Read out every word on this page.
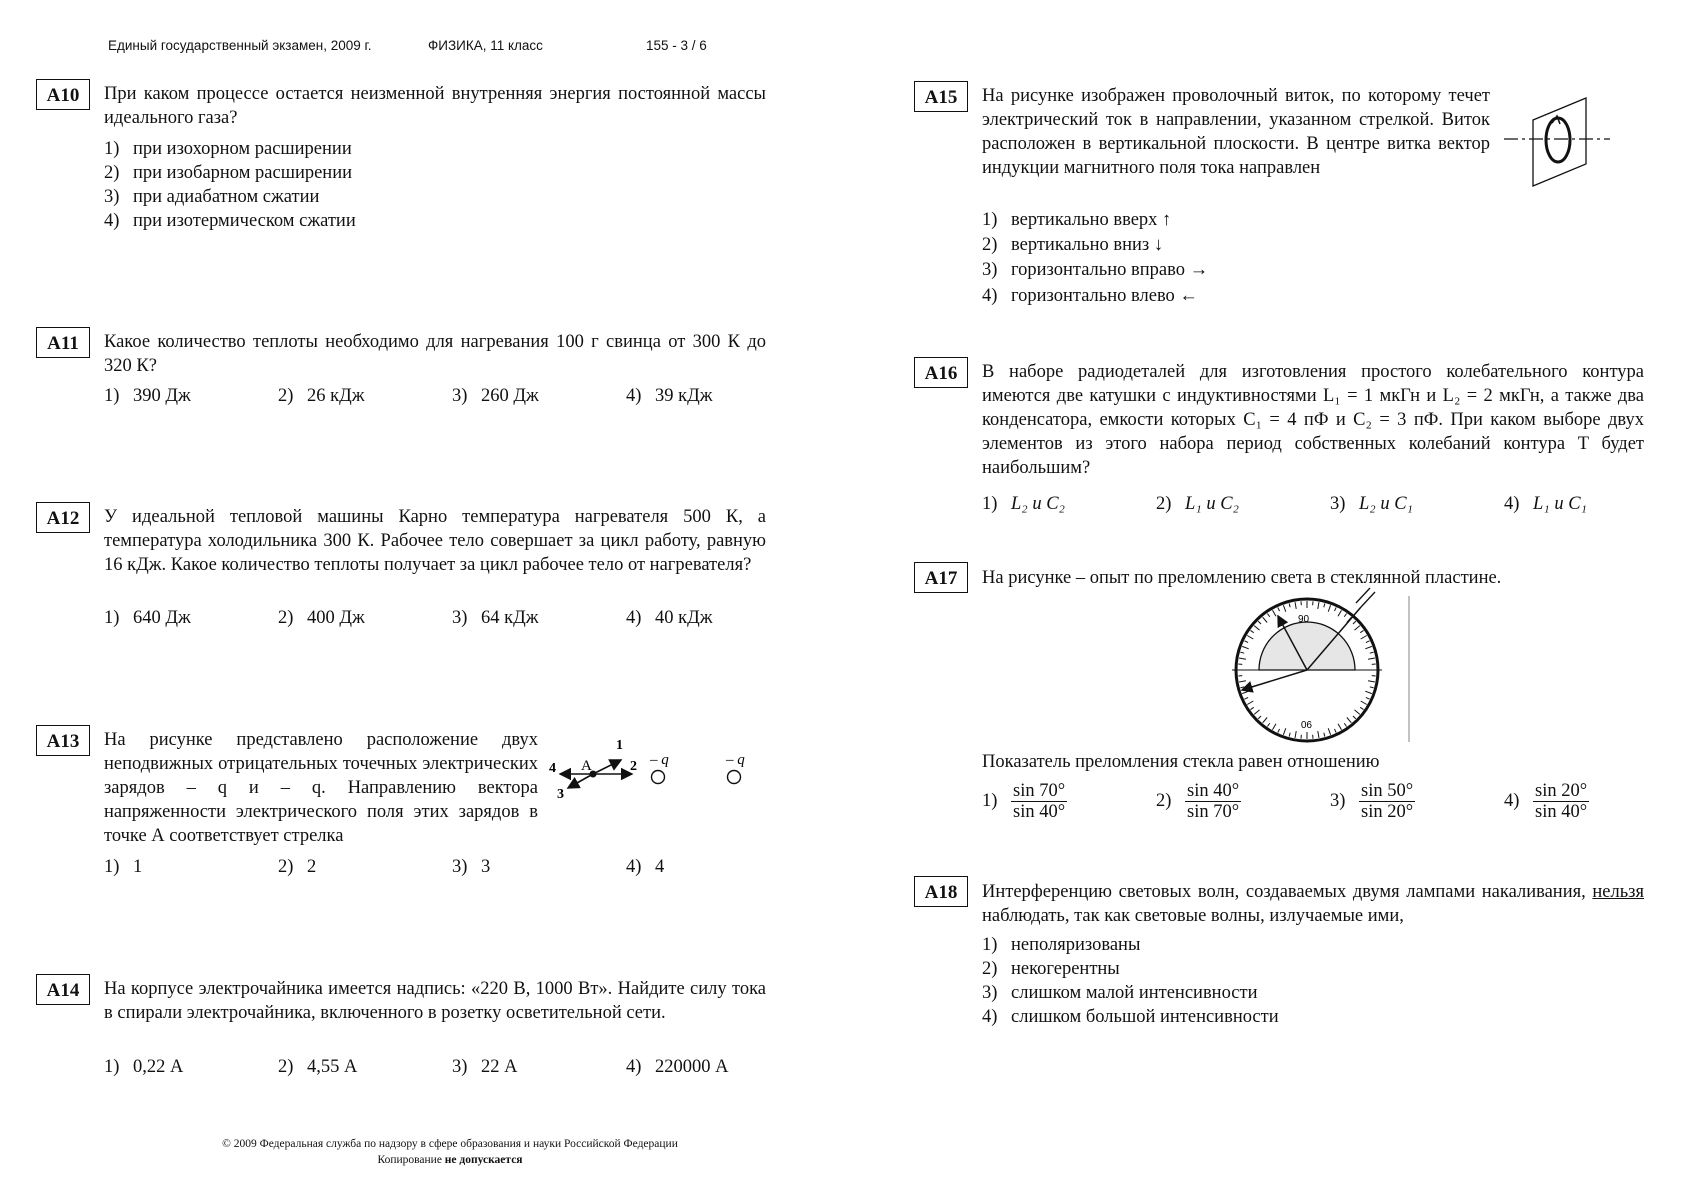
Единый государственный экзамен, 2009 г.	ФИЗИКА, 11 класс	155 - 3 / 6
A10	При каком процессе остается неизменной внутренняя энергия постоянной массы идеального газа?
1) при изохорном расширении
2) при изобарном расширении
3) при адиабатном сжатии
4) при изотермическом сжатии
A11	Какое количество теплоты необходимо для нагревания 100 г свинца от 300 К до 320 К?
1) 390 Дж	2) 26 кДж	3) 260 Дж	4) 39 кДж
A12	У идеальной тепловой машины Карно температура нагревателя 500 К, а температура холодильника 300 К. Рабочее тело совершает за цикл работу, равную 16 кДж. Какое количество теплоты получает за цикл рабочее тело от нагревателя?
1) 640 Дж	2) 400 Дж	3) 64 кДж	4) 40 кДж
A13	На рисунке представлено расположение двух неподвижных отрицательных точечных электрических зарядов – q и – q. Направлению вектора напряженности электрического поля этих зарядов в точке А соответствует стрелка
A
1
2
3
4
– q	– q
1) 1	2) 2	3) 3	4) 4
A14	На корпусе электрочайника имеется надпись: «220 В, 1000 Вт». Найдите силу тока в спирали электрочайника, включенного в розетку осветительной сети.
1) 0,22 А	2) 4,55 А	3) 22 А	4) 220000 А
A15	На рисунке изображен проволочный виток, по которому течет электрический ток в направлении, указанном стрелкой. Виток расположен в вертикальной плоскости. В центре витка вектор индукции магнитного поля тока направлен
1) вертикально вверх ↑
2) вертикально вниз ↓
3) горизонтально вправо →
4) горизонтально влево ←
A16	В наборе радиодеталей для изготовления простого колебательного контура имеются две катушки с индуктивностями L₁ = 1 мкГн и L₂ = 2 мкГн, а также два конденсатора, емкости которых C₁ = 4 пФ и C₂ = 3 пФ. При каком выборе двух элементов из этого набора период собственных колебаний контура T будет наибольшим?
1) L₂ и C₂	2) L₁ и C₂	3) L₂ и C₁	4) L₁ и C₁
A17	На рисунке – опыт по преломлению света в стеклянной пластине.
90
90
Показатель преломления стекла равен отношению
$1) \frac{\sin 70^\circ}{\sin 40^\circ}$	$2) \frac{\sin 40^\circ}{\sin 70^\circ}$	$3) \frac{\sin 50^\circ}{\sin 20^\circ}$	$4) \frac{\sin 20^\circ}{\sin 40^\circ}$
A18	Интерференцию световых волн, создаваемых двумя лампами накаливания, нельзя наблюдать, так как световые волны, излучаемые ими,
1) неполяризованы
2) некогерентны
3) слишком малой интенсивности
4) слишком большой интенсивности
© 2009 Федеральная служба по надзору в сфере образования и науки Российской Федерации
Копирование не допускается
